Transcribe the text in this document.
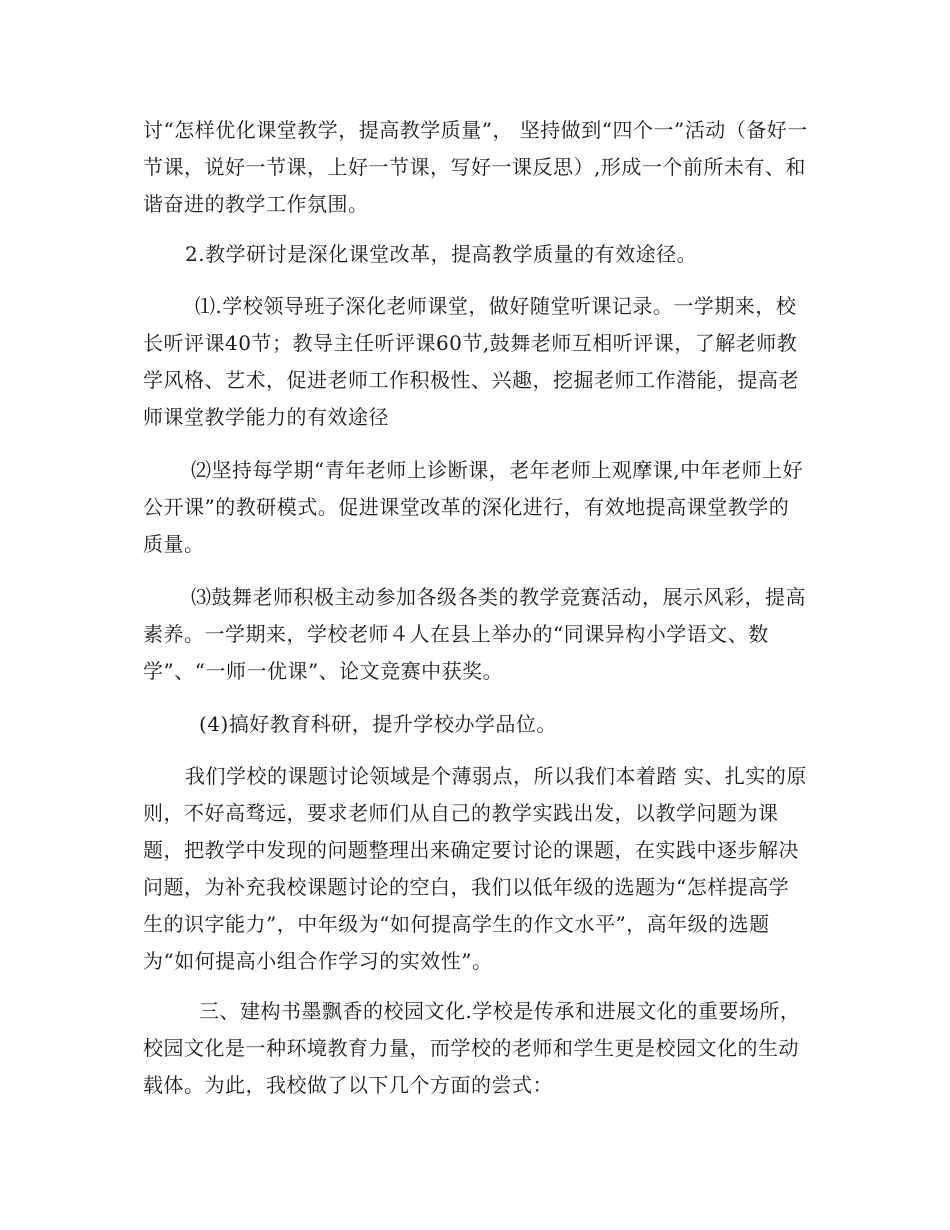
讨“怎样优化课堂教学，提高教学质量”， 坚持做到“四个一”活动（备好一节课，说好一节课，上好一节课，写好一课反思）,形成一个前所未有、和谐奋进的教学工作氛围。

2.教学研讨是深化课堂改革，提高教学质量的有效途径。

⑴.学校领导班子深化老师课堂，做好随堂听课记录。一学期来，校长听评课40节；教导主任听评课60节,鼓舞老师互相听评课，了解老师教学风格、艺术，促进老师工作积极性、兴趣，挖掘老师工作潜能，提高老师课堂教学能力的有效途径

⑵坚持每学期“青年老师上诊断课，老年老师上观摩课,中年老师上好公开课”的教研模式。促进课堂改革的深化进行，有效地提高课堂教学的质量。

⑶鼓舞老师积极主动参加各级各类的教学竞赛活动，展示风彩，提高素养。一学期来，学校老师４人在县上举办的“同课异构小学语文、数学”、“一师一优课”、论文竞赛中获奖。

(4)搞好教育科研，提升学校办学品位。

我们学校的课题讨论领域是个薄弱点，所以我们本着踏 实、扎实的原则，不好高骛远，要求老师们从自己的教学实践出发，以教学问题为课题，把教学中发现的问题整理出来确定要讨论的课题，在实践中逐步解决问题，为补充我校课题讨论的空白，我们以低年级的选题为“怎样提高学生的识字能力”，中年级为“如何提高学生的作文水平”，高年级的选题为“如何提高小组合作学习的实效性”。

三、建构书墨飘香的校园文化.学校是传承和进展文化的重要场所，校园文化是一种环境教育力量，而学校的老师和学生更是校园文化的生动载体。为此，我校做了以下几个方面的尝式：
